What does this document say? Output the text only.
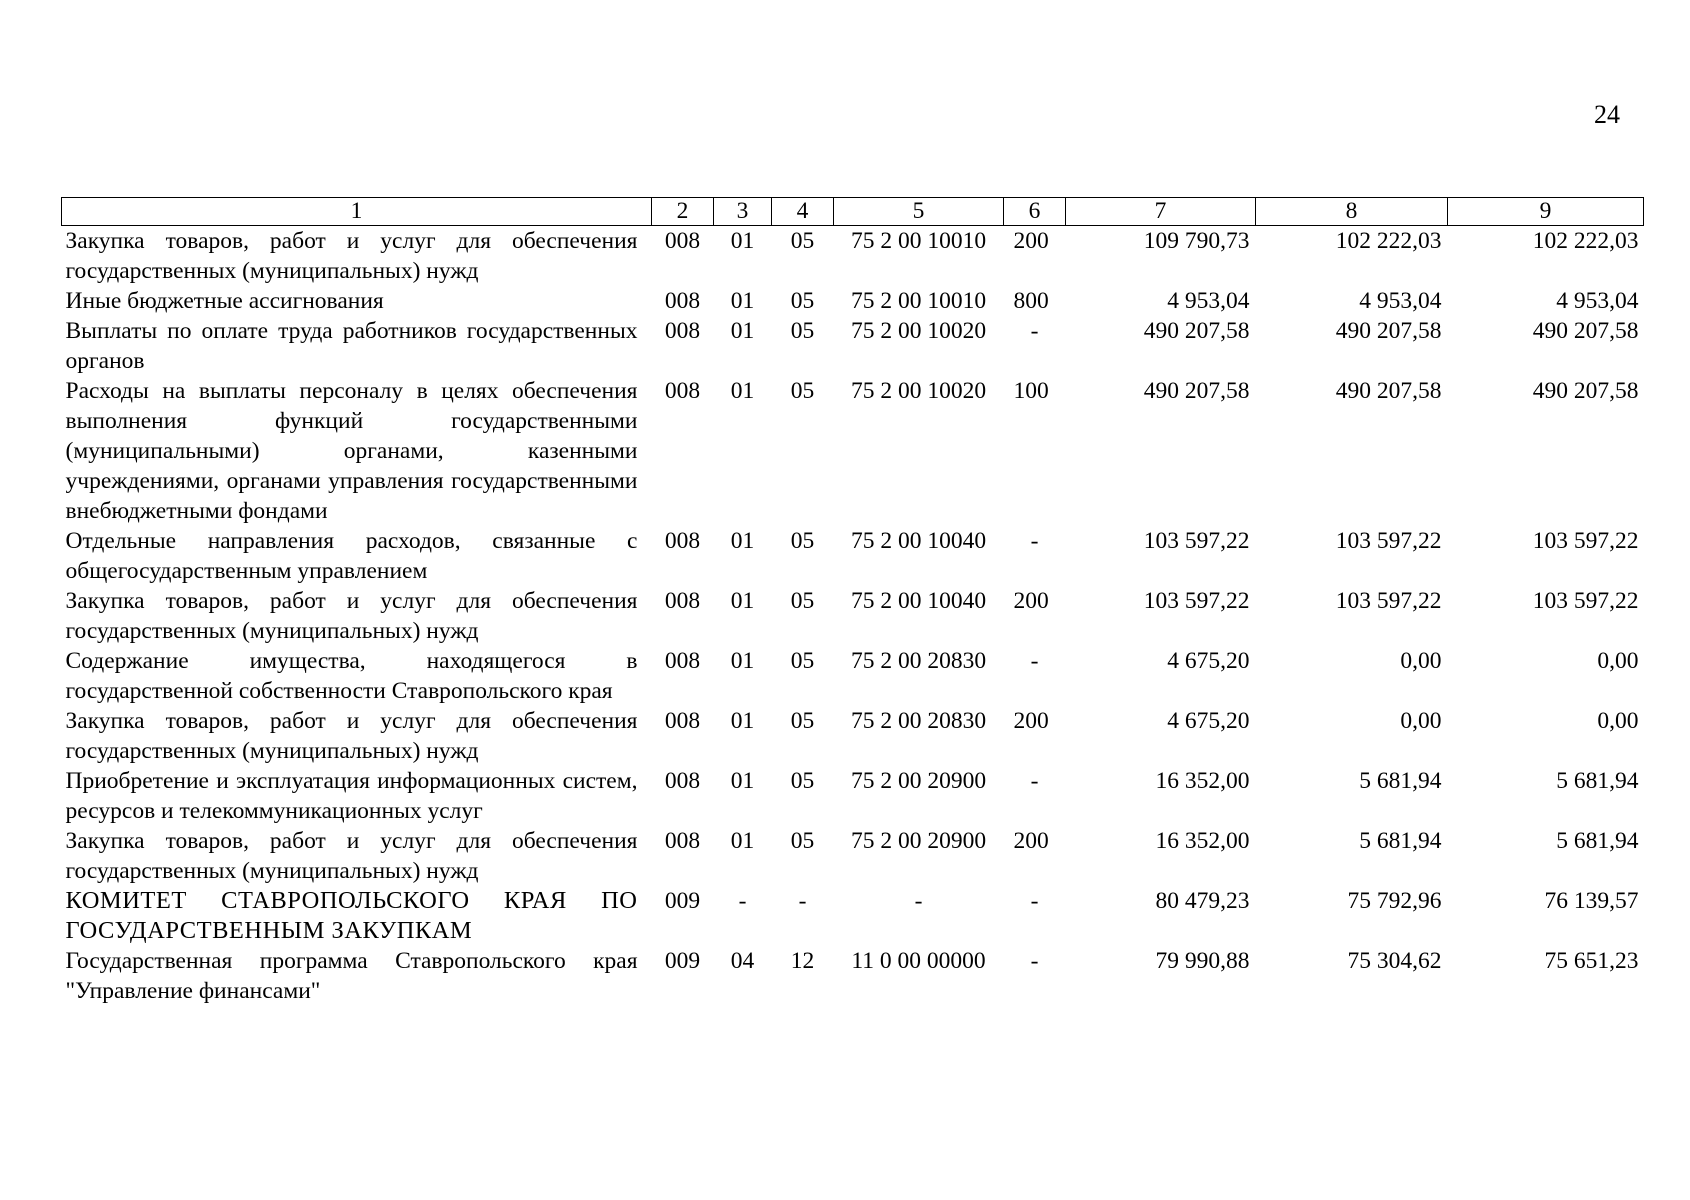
24
1	2	3	4	5	6	7	8	9
Закупка товаров, работ и услуг для обеспечения государственных (муниципальных) нужд	008	01	05	75 2 00 10010	200	109 790,73	102 222,03	102 222,03
Иные бюджетные ассигнования	008	01	05	75 2 00 10010	800	4 953,04	4 953,04	4 953,04
Выплаты по оплате труда работников государственных органов	008	01	05	75 2 00 10020	-	490 207,58	490 207,58	490 207,58
Расходы на выплаты персоналу в целях обеспечения выполнения функций государственными (муниципальными) органами, казенными учреждениями, органами управления государственными внебюджетными фондами	008	01	05	75 2 00 10020	100	490 207,58	490 207,58	490 207,58
Отдельные направления расходов, связанные с общегосударственным управлением	008	01	05	75 2 00 10040	-	103 597,22	103 597,22	103 597,22
Закупка товаров, работ и услуг для обеспечения государственных (муниципальных) нужд	008	01	05	75 2 00 10040	200	103 597,22	103 597,22	103 597,22
Содержание имущества, находящегося в государственной собственности Ставропольского края	008	01	05	75 2 00 20830	-	4 675,20	0,00	0,00
Закупка товаров, работ и услуг для обеспечения государственных (муниципальных) нужд	008	01	05	75 2 00 20830	200	4 675,20	0,00	0,00
Приобретение и эксплуатация информационных систем, ресурсов и телекоммуникационных услуг	008	01	05	75 2 00 20900	-	16 352,00	5 681,94	5 681,94
Закупка товаров, работ и услуг для обеспечения государственных (муниципальных) нужд	008	01	05	75 2 00 20900	200	16 352,00	5 681,94	5 681,94
КОМИТЕТ СТАВРОПОЛЬСКОГО КРАЯ ПО ГОСУДАРСТВЕННЫМ ЗАКУПКАМ	009	-	-	-	-	80 479,23	75 792,96	76 139,57
Государственная программа Ставропольского края "Управление финансами"	009	04	12	11 0 00 00000	-	79 990,88	75 304,62	75 651,23
